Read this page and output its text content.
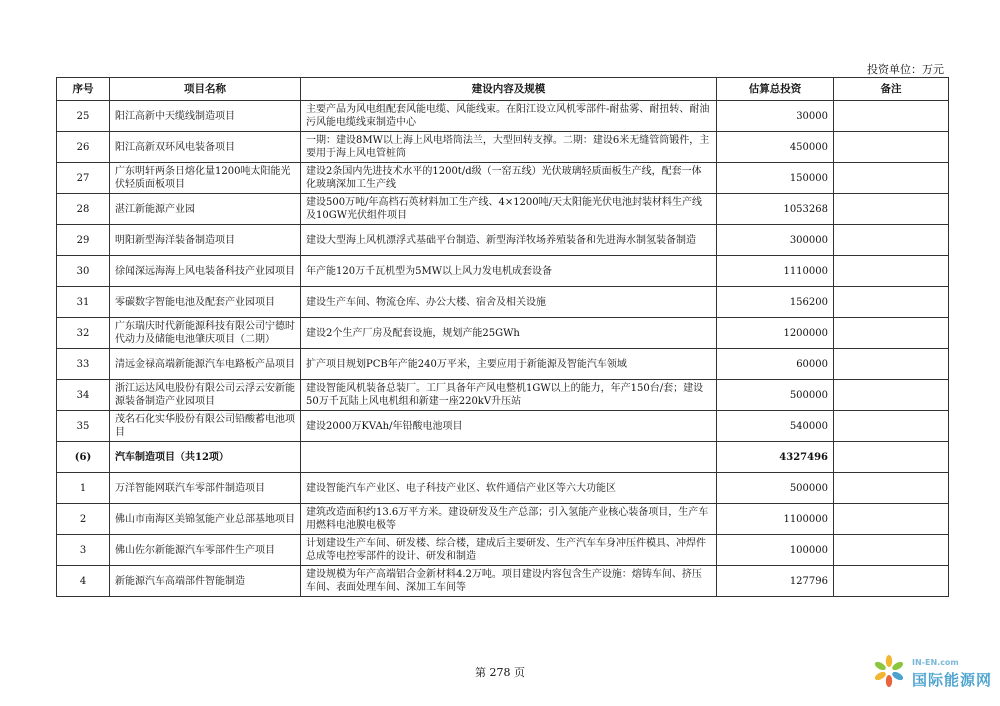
投资单位：万元
序号	项目名称	建设内容及规模	估算总投资	备注
25	阳江高新中天缆线制造项目	主要产品为风电组配套风能电缆、风能线束。在阳江设立风机零部件-耐盐雾、耐扭转、耐油污风能电缆线束制造中心	30000	
26	阳江高新双环风电装备项目	一期：建设8MW以上海上风电塔筒法兰，大型回转支撑。二期：建设6米无缝管筒锻件，主要用于海上风电管桩筒	450000	
27	广东明轩两条日熔化量1200吨太阳能光伏轻质面板项目	建设2条国内先进技术水平的1200t/d级（一窑五线）光伏玻璃轻质面板生产线，配套一体化玻璃深加工生产线	150000	
28	湛江新能源产业园	建设500万吨/年高档石英材料加工生产线、4×1200吨/天太阳能光伏电池封装材料生产线及10GW光伏组件项目	1053268	
29	明阳新型海洋装备制造项目	建设大型海上风机漂浮式基础平台制造、新型海洋牧场养殖装备和先进海水制氢装备制造	300000	
30	徐闻深远海海上风电装备科技产业园项目	年产能120万千瓦机型为5MW以上风力发电机成套设备	1110000	
31	零碳数字智能电池及配套产业园项目	建设生产车间、物流仓库、办公大楼、宿舍及相关设施	156200	
32	广东瑞庆时代新能源科技有限公司宁德时代动力及储能电池肇庆项目（二期）	建设2个生产厂房及配套设施，规划产能25GWh	1200000	
33	清远金禄高端新能源汽车电路板产品项目	扩产项目规划PCB年产能240万平米，主要应用于新能源及智能汽车领域	60000	
34	浙江运达风电股份有限公司云浮云安新能源装备制造产业园项目	建设智能风机装备总装厂。工厂具备年产风电整机1GW以上的能力，年产150台/套；建设50万千瓦陆上风电机组和新建一座220kV升压站	500000	
35	茂名石化实华股份有限公司铅酸蓄电池项目	建设2000万KVAh/年铅酸电池项目	540000	
(6)	汽车制造项目（共12项）		4327496	
1	万洋智能网联汽车零部件制造项目	建设智能汽车产业区、电子科技产业区、软件通信产业区等六大功能区	500000	
2	佛山市南海区美锦氢能产业总部基地项目	建筑改造面积约13.6万平方米。建设研发及生产总部；引入氢能产业核心装备项目，生产车用燃料电池膜电极等	1100000	
3	佛山佐尔新能源汽车零部件生产项目	计划建设生产车间、研发楼、综合楼，建成后主要研发、生产汽车车身冲压件模具、冲焊件总成等电控零部件的设计、研发和制造	100000	
4	新能源汽车高端部件智能制造	建设规模为年产高端铝合金新材料4.2万吨。项目建设内容包含生产设施：熔铸车间、挤压车间、表面处理车间、深加工车间等	127796	
第 278 页
IN-EN.com
国际能源网
